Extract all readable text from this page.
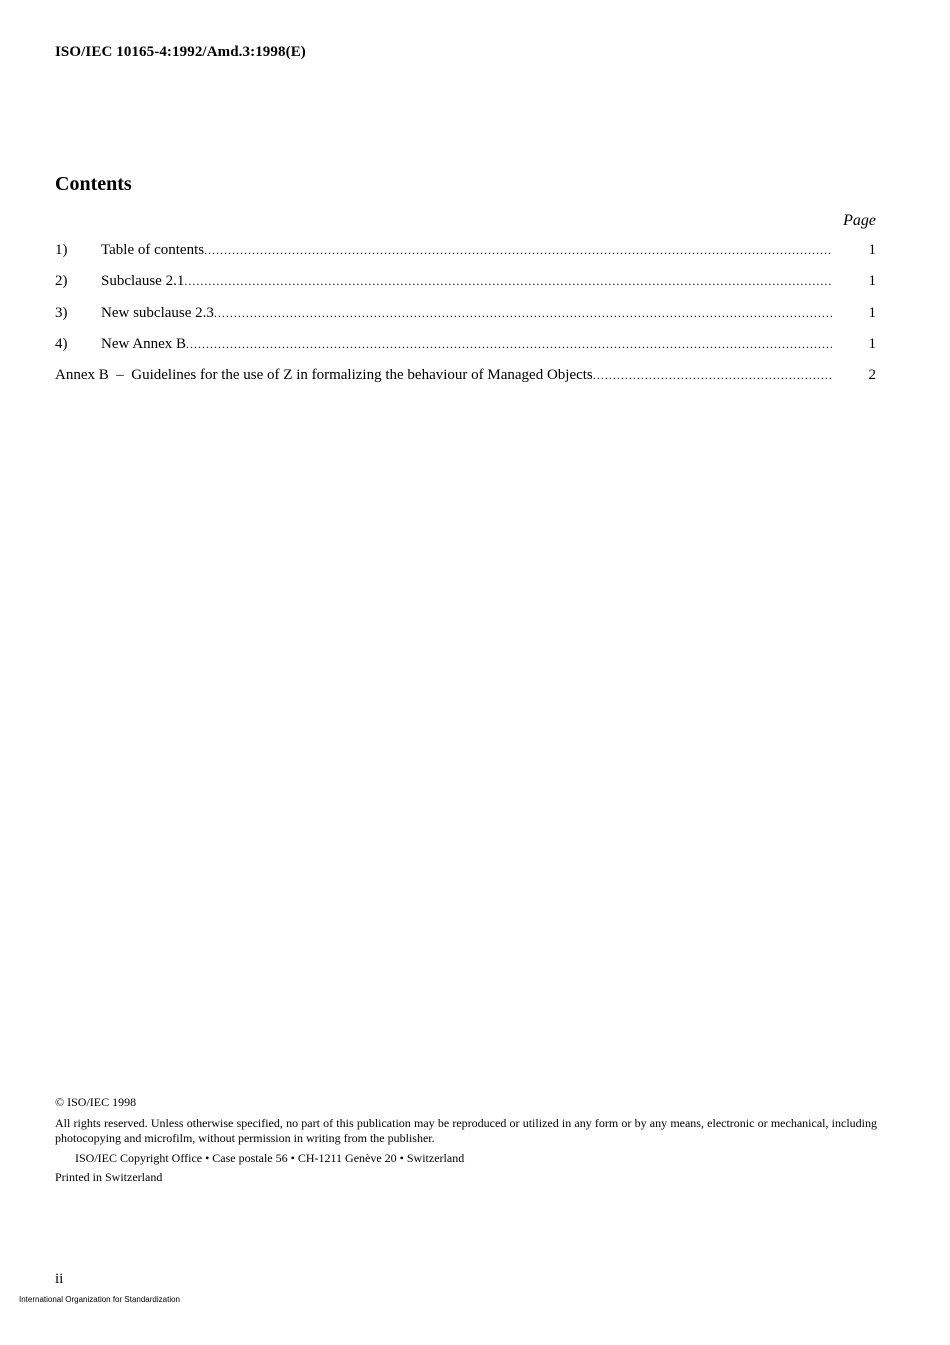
ISO/IEC 10165-4:1992/Amd.3:1998(E)
Contents
Page
1)	Table of contents .....	1
2)	Subclause 2.1 .....	1
3)	New subclause 2.3 .....	1
4)	New Annex B .....	1
Annex B  –  Guidelines for the use of Z in formalizing the behaviour of Managed Objects .....	2

© ISO/IEC 1998

All rights reserved. Unless otherwise specified, no part of this publication may be reproduced or utilized in any form or by any means, electronic or mechanical, including photocopying and microfilm, without permission in writing from the publisher.

ISO/IEC Copyright Office • Case postale 56 • CH-1211 Genève 20 • Switzerland

Printed in Switzerland

ii
International Organization for Standardization
